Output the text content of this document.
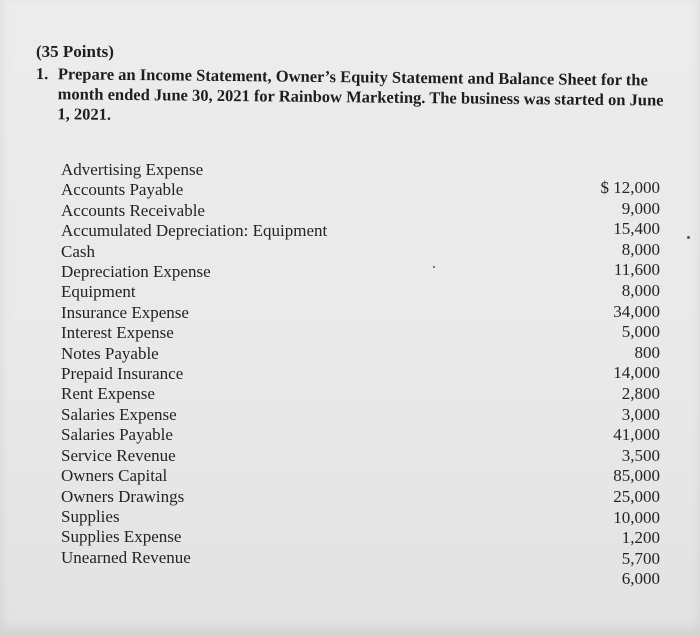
(35 Points)
1. Prepare an Income Statement, Owner’s Equity Statement and Balance Sheet for the month ended June 30, 2021 for Rainbow Marketing. The business was started on June 1, 2021.
Advertising Expense
Accounts Payable
Accounts Receivable
Accumulated Depreciation: Equipment
Cash
Depreciation Expense
Equipment
Insurance Expense
Interest Expense
Notes Payable
Prepaid Insurance
Rent Expense
Salaries Expense
Salaries Payable
Service Revenue
Owners Capital
Owners Drawings
Supplies
Supplies Expense
Unearned Revenue
$ 12,000
9,000
15,400
8,000
11,600
8,000
34,000
5,000
800
14,000
2,800
3,000
41,000
3,500
85,000
25,000
10,000
1,200
5,700
6,000
